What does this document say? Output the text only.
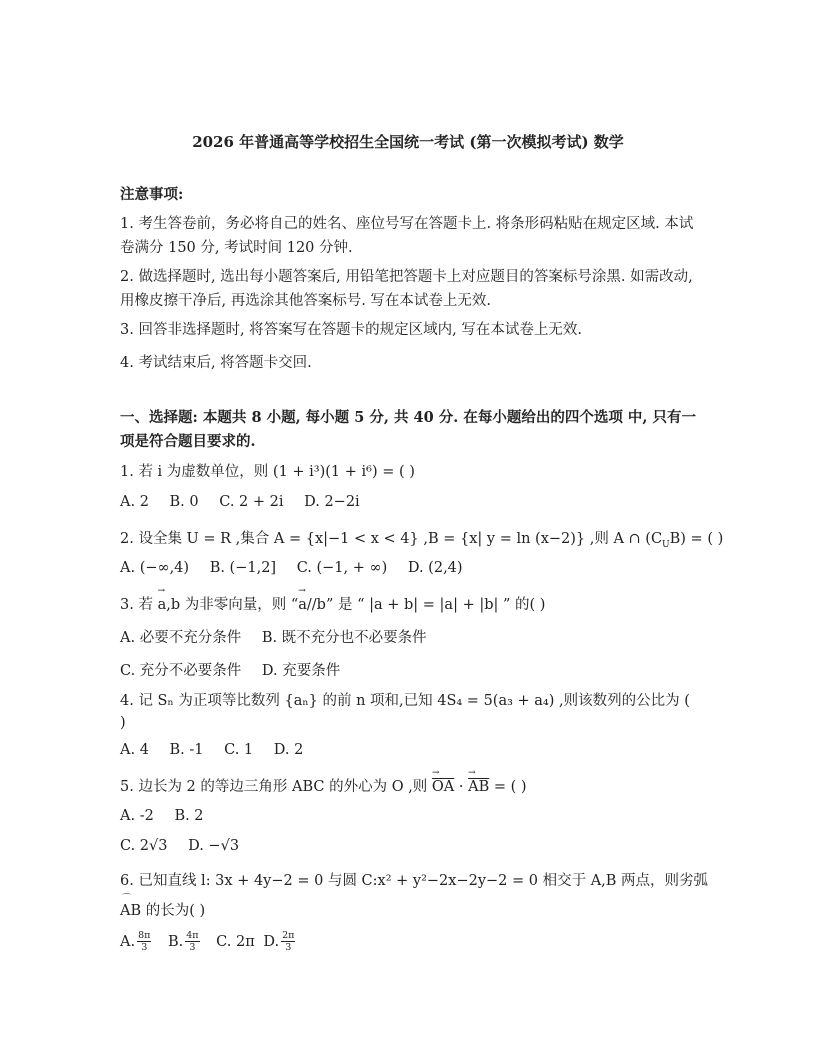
2026 年普通高等学校招生全国统一考试 (第一次模拟考试) 数学
注意事项:
1. 考生答卷前，务必将自己的姓名、座位号写在答题卡上. 将条形码粘贴在规定区域. 本试卷满分 150 分, 考试时间 120 分钟.
2. 做选择题时, 选出每小题答案后, 用铅笔把答题卡上对应题目的答案标号涂黑. 如需改动, 用橡皮擦干净后, 再选涂其他答案标号. 写在本试卷上无效.
3. 回答非选择题时, 将答案写在答题卡的规定区域内, 写在本试卷上无效.
4. 考试结束后, 将答题卡交回.
一、选择题: 本题共 8 小题, 每小题 5 分, 共 40 分. 在每小题给出的四个选项 中, 只有一项是符合题目要求的.
1. 若 i 为虚数单位，则 (1 + i³)(1 + i⁶) = ( )
A. 2 B. 0 C. 2 + 2i D. 2−2i
2. 设全集 U = R ,集合 A = {x|−1 < x < 4} ,B = {x| y = ln (x−2)} ,则 A ∩ $(C_UB)$ = ( )
A. (−∞,4) B. (−1,2] C. (−1, + ∞) D. (2,4)
3. 若 → a,b 为非零向量，则 “→ a//b” 是 “ |a + b| = |a| + |b| ” 的( )
A. 必要不充分条件 B. 既不充分也不必要条件
C. 充分不必要条件 D. 充要条件
4. 记 Sₙ 为正项等比数列 {aₙ} 的前 n 项和,已知 4S₄ = 5(a₃ + a₄) ,则该数列的公比为 ( )
A. 4 B. -1 C. 1 D. 2
5. 边长为 2 的等边三角形 ABC 的外心为 O ,则 → $\overline{OA}$ · → $\overline{AB}$ = ( )
A. -2 B. 2
C. 2√3 D. −√3
6. 已知直线 l: 3x + 4y−2 = 0 与圆 C:x² + y²−2x−2y−2 = 0 相交于 A,B 两点，则劣弧
⌒ AB 的长为( )
A. $\frac{8\pi}{3} B$. $\frac{4\pi}{3} C$. 2π D. $\frac{2\pi}{3}$
